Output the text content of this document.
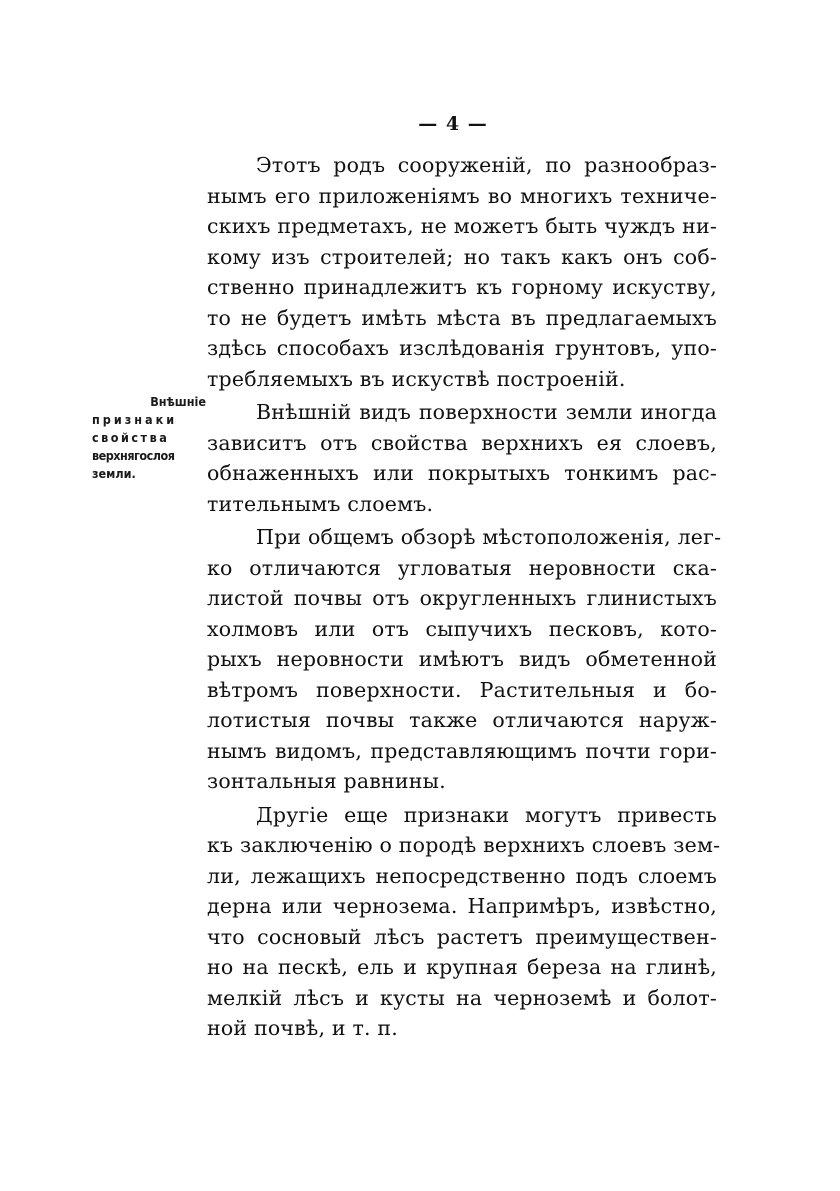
— 4 —
Внѣшніе
признаки
свойства
верхнягослоя
земли.
Этотъ родъ сооруженій, по разнообраз-
нымъ его приложеніямъ во многихъ техниче-
скихъ предметахъ, не можетъ быть чуждъ ни-
кому изъ строителей; но такъ какъ онъ соб-
ственно принадлежитъ къ горному искуству,
то не будетъ имѣть мѣста въ предлагаемыхъ
здѣсь способахъ изслѣдованія грунтовъ, упо-
требляемыхъ въ искуствѣ построеній.
Внѣшній видъ поверхности земли иногда
зависитъ отъ свойства верхнихъ ея слоевъ,
обнаженныхъ или покрытыхъ тонкимъ рас-
тительнымъ слоемъ.
При общемъ обзорѣ мѣстоположенія, лег-
ко отличаются угловатыя неровности ска-
листой почвы отъ округленныхъ глинистыхъ
холмовъ или отъ сыпучихъ песковъ, кото-
рыхъ неровности имѣютъ видъ обметенной
вѣтромъ поверхности. Растительныя и бо-
лотистыя почвы также отличаются наруж-
нымъ видомъ, представляющимъ почти гори-
зонтальныя равнины.
Другіе еще признаки могутъ привесть
къ заключенію о породѣ верхнихъ слоевъ зем-
ли, лежащихъ непосредственно подъ слоемъ
дерна или чернозема. Напримѣръ, извѣстно,
что сосновый лѣсъ растетъ преимуществен-
но на пескѣ, ель и крупная береза на глинѣ,
мелкій лѣсъ и кусты на черноземѣ и болот-
ной почвѣ, и т. п.
